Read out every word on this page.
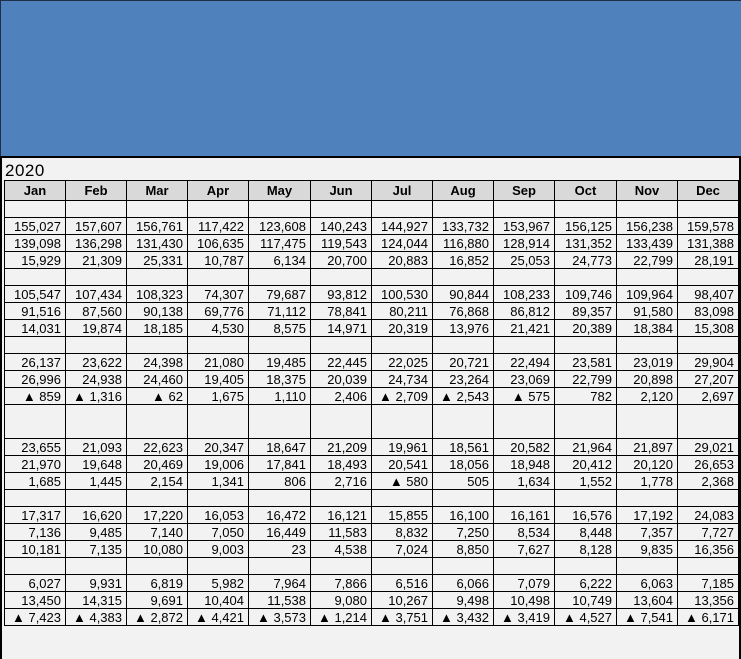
2020
Jan	Feb	Mar	Apr	May	Jun	Jul	Aug	Sep	Oct	Nov	Dec

155,027	157,607	156,761	117,422	123,608	140,243	144,927	133,732	153,967	156,125	156,238	159,578
139,098	136,298	131,430	106,635	117,475	119,543	124,044	116,880	128,914	131,352	133,439	131,388
15,929	21,309	25,331	10,787	6,134	20,700	20,883	16,852	25,053	24,773	22,799	28,191

105,547	107,434	108,323	74,307	79,687	93,812	100,530	90,844	108,233	109,746	109,964	98,407
91,516	87,560	90,138	69,776	71,112	78,841	80,211	76,868	86,812	89,357	91,580	83,098
14,031	19,874	18,185	4,530	8,575	14,971	20,319	13,976	21,421	20,389	18,384	15,308

26,137	23,622	24,398	21,080	19,485	22,445	22,025	20,721	22,494	23,581	23,019	29,904
26,996	24,938	24,460	19,405	18,375	20,039	24,734	23,264	23,069	22,799	20,898	27,207
▲ 859	▲ 1,316	▲ 62	1,675	1,110	2,406	▲ 2,709	▲ 2,543	▲ 575	782	2,120	2,697

23,655	21,093	22,623	20,347	18,647	21,209	19,961	18,561	20,582	21,964	21,897	29,021
21,970	19,648	20,469	19,006	17,841	18,493	20,541	18,056	18,948	20,412	20,120	26,653
1,685	1,445	2,154	1,341	806	2,716	▲ 580	505	1,634	1,552	1,778	2,368

17,317	16,620	17,220	16,053	16,472	16,121	15,855	16,100	16,161	16,576	17,192	24,083
7,136	9,485	7,140	7,050	16,449	11,583	8,832	7,250	8,534	8,448	7,357	7,727
10,181	7,135	10,080	9,003	23	4,538	7,024	8,850	7,627	8,128	9,835	16,356

6,027	9,931	6,819	5,982	7,964	7,866	6,516	6,066	7,079	6,222	6,063	7,185
13,450	14,315	9,691	10,404	11,538	9,080	10,267	9,498	10,498	10,749	13,604	13,356
▲ 7,423	▲ 4,383	▲ 2,872	▲ 4,421	▲ 3,573	▲ 1,214	▲ 3,751	▲ 3,432	▲ 3,419	▲ 4,527	▲ 7,541	▲ 6,171
